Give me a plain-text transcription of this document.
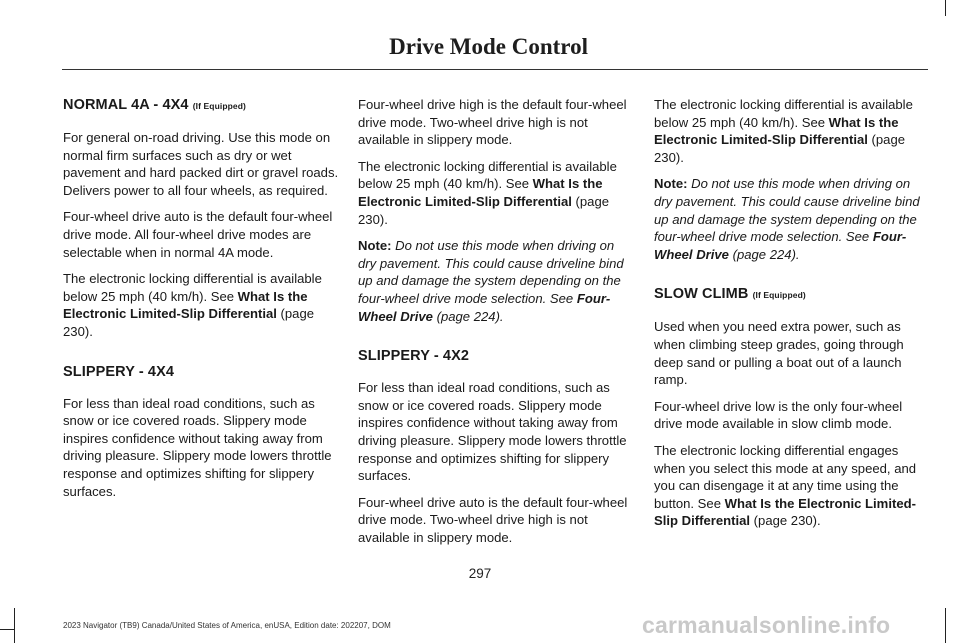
Drive Mode Control
NORMAL 4A - 4X4 (If Equipped)

For general on-road driving. Use this mode on normal firm surfaces such as dry or wet pavement and hard packed dirt or gravel roads. Delivers power to all four wheels, as required.

Four-wheel drive auto is the default four-wheel drive mode. All four-wheel drive modes are selectable when in normal 4A mode.

The electronic locking differential is available below 25 mph (40 km/h). See What Is the Electronic Limited-Slip Differential (page 230).

SLIPPERY - 4X4

For less than ideal road conditions, such as snow or ice covered roads. Slippery mode inspires confidence without taking away from driving pleasure. Slippery mode lowers throttle response and optimizes shifting for slippery surfaces.

Four-wheel drive high is the default four-wheel drive mode. Two-wheel drive high is not available in slippery mode.

The electronic locking differential is available below 25 mph (40 km/h). See What Is the Electronic Limited-Slip Differential (page 230).

Note: Do not use this mode when driving on dry pavement. This could cause driveline bind up and damage the system depending on the four-wheel drive mode selection. See Four-Wheel Drive (page 224).

SLIPPERY - 4X2

For less than ideal road conditions, such as snow or ice covered roads. Slippery mode inspires confidence without taking away from driving pleasure. Slippery mode lowers throttle response and optimizes shifting for slippery surfaces.

Four-wheel drive auto is the default four-wheel drive mode. Two-wheel drive high is not available in slippery mode.

The electronic locking differential is available below 25 mph (40 km/h). See What Is the Electronic Limited-Slip Differential (page 230).

Note: Do not use this mode when driving on dry pavement. This could cause driveline bind up and damage the system depending on the four-wheel drive mode selection. See Four-Wheel Drive (page 224).

SLOW CLIMB (If Equipped)

Used when you need extra power, such as when climbing steep grades, going through deep sand or pulling a boat out of a launch ramp.

Four-wheel drive low is the only four-wheel drive mode available in slow climb mode.

The electronic locking differential engages when you select this mode at any speed, and you can disengage it at any time using the button. See What Is the Electronic Limited-Slip Differential (page 230).

297
2023 Navigator (TB9) Canada/United States of America, enUSA, Edition date: 202207, DOM	carmanualsonline.info
